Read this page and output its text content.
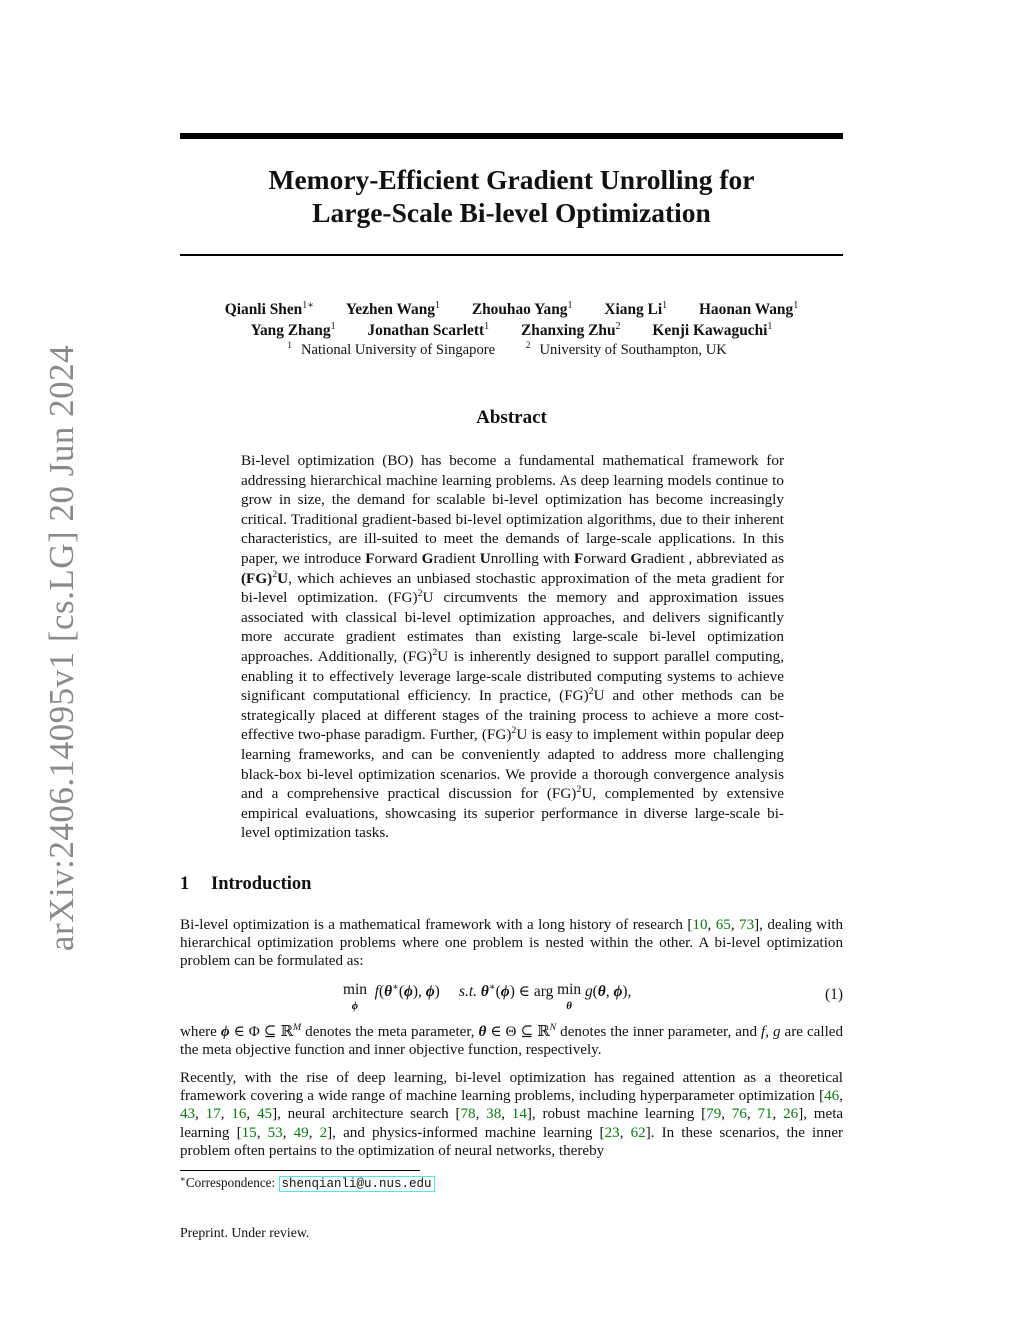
arXiv:2406.14095v1 [cs.LG] 20 Jun 2024
Memory-Efficient Gradient Unrolling for
Large-Scale Bi-level Optimization
Qianli Shen$^{1∗}$ Yezhen Wang$^1$ Zhouhao Yang$^1$ Xiang Li$^1$ Haonan Wang$^1$
Yang Zhang$^1$ Jonathan Scarlett$^1$ Zhanxing Zhu$^2$ Kenji Kawaguchi$^1$
$^1$ National University of Singapore	$^2$ University of Southampton, UK
Abstract
Bi-level optimization (BO) has become a fundamental mathematical framework for addressing hierarchical machine learning problems. As deep learning models continue to grow in size, the demand for scalable bi-level optimization has become increasingly critical. Traditional gradient-based bi-level optimization algorithms, due to their inherent characteristics, are ill-suited to meet the demands of large-scale applications. In this paper, we introduce Forward Gradient Unrolling with Forward Gradient , abbreviated as (FG)$^2$U, which achieves an unbiased stochastic approximation of the meta gradient for bi-level optimization. (FG)$^2$U circumvents the memory and approximation issues associated with classical bi-level optimization approaches, and delivers significantly more accurate gradient estimates than existing large-scale bi-level optimization approaches. Additionally, (FG)$^2$U is inherently designed to support parallel computing, enabling it to effectively leverage large-scale distributed computing systems to achieve significant computational efficiency. In practice, (FG)$^2$U and other methods can be strategically placed at different stages of the training process to achieve a more cost-effective two-phase paradigm. Further, (FG)$^2$U is easy to implement within popular deep learning frameworks, and can be conveniently adapted to address more challenging black-box bi-level optimization scenarios. We provide a thorough convergence analysis and a comprehensive practical discussion for (FG)$^2$U, complemented by extensive empirical evaluations, showcasing its superior performance in diverse large-scale bi-level optimization tasks.
1 Introduction
Bi-level optimization is a mathematical framework with a long history of research [10, 65, 73], dealing with hierarchical optimization problems where one problem is nested within the other. A bi-level optimization problem can be formulated as:
min
ϕ
f(θ∗(ϕ), ϕ)     s.t. θ∗(ϕ) ∈ arg min
θ
g(θ, ϕ),	(1)
where ϕ ∈ Φ ⊆ ℝ$^M$ denotes the meta parameter, θ ∈ Θ ⊆ ℝ$^N$ denotes the inner parameter, and f, g are called the meta objective function and inner objective function, respectively.
Recently, with the rise of deep learning, bi-level optimization has regained attention as a theoretical framework covering a wide range of machine learning problems, including hyperparameter optimization [46, 43, 17, 16, 45], neural architecture search [78, 38, 14], robust machine learning [79, 76, 71, 26], meta learning [15, 53, 49, 2], and physics-informed machine learning [23, 62]. In these scenarios, the inner problem often pertains to the optimization of neural networks, thereby
∗Correspondence: shenqianli@u.nus.edu
Preprint. Under review.
